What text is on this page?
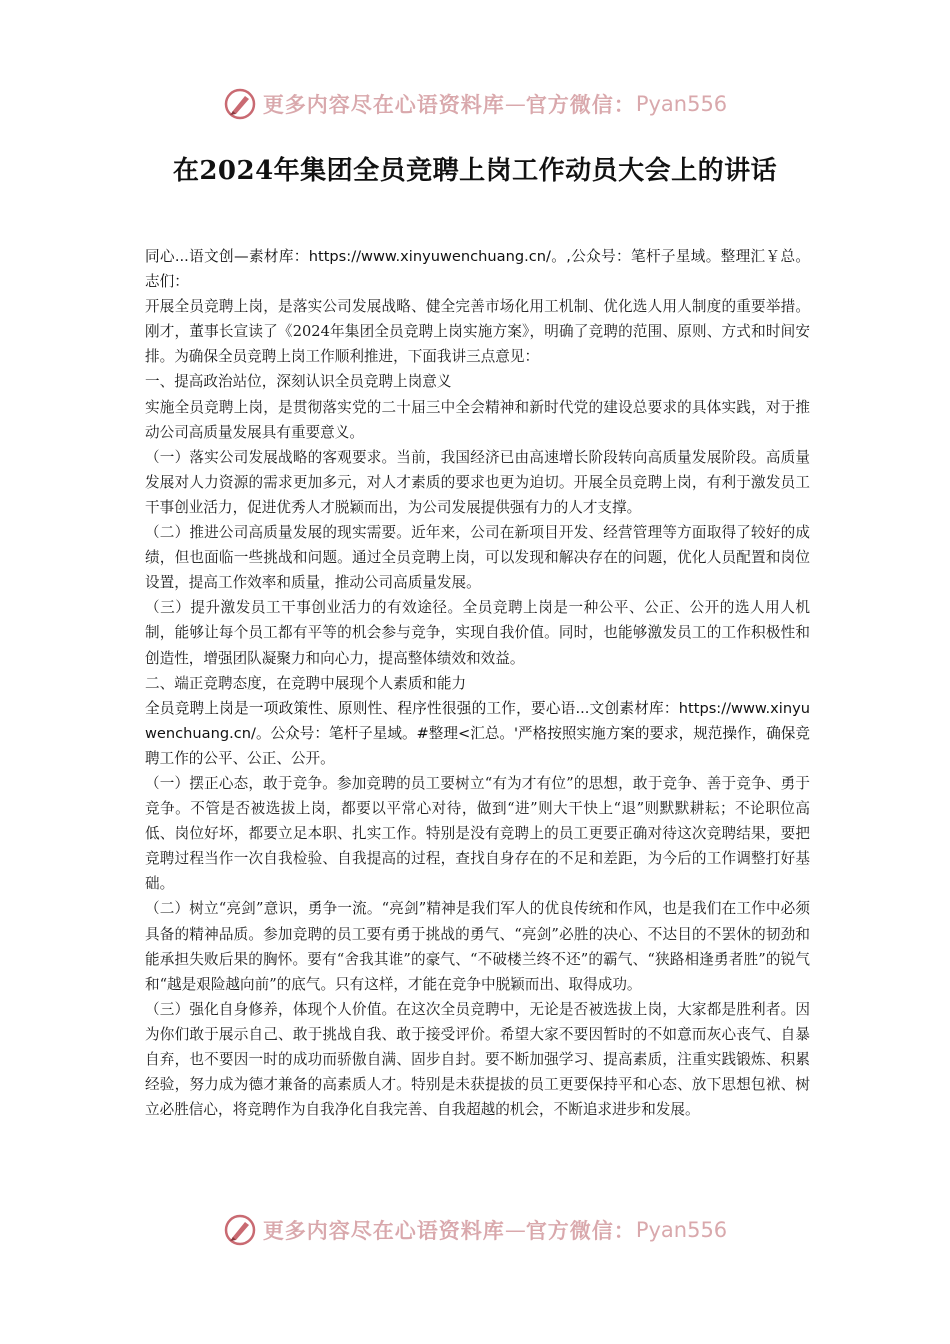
更多内容尽在心语资料库 — 官方微信： Pyan556
在2024年集团全员竞聘上岗工作动员大会上的讲话

同心...语文创—素材库：https://www.xinyuwenchuang.cn/。,公众号：笔杆子星域。整理汇￥总。志们：

开展全员竞聘上岗，是落实公司发展战略、健全完善市场化用工机制、优化选人用人制度的重要举措。刚才，董事长宣读了《2024年集团全员竞聘上岗实施方案》，明确了竞聘的范围、原则、方式和时间安排。为确保全员竞聘上岗工作顺利推进，下面我讲三点意见：

一、提高政治站位，深刻认识全员竞聘上岗意义

实施全员竞聘上岗，是贯彻落实党的二十届三中全会精神和新时代党的建设总要求的具体实践，对于推动公司高质量发展具有重要意义。

（一）落实公司发展战略的客观要求。当前，我国经济已由高速增长阶段转向高质量发展阶段。高质量发展对人力资源的需求更加多元，对人才素质的要求也更为迫切。开展全员竞聘上岗，有利于激发员工干事创业活力，促进优秀人才脱颖而出，为公司发展提供强有力的人才支撑。

（二）推进公司高质量发展的现实需要。近年来，公司在新项目开发、经营管理等方面取得了较好的成绩，但也面临一些挑战和问题。通过全员竞聘上岗，可以发现和解决存在的问题，优化人员配置和岗位设置，提高工作效率和质量，推动公司高质量发展。

（三）提升激发员工干事创业活力的有效途径。全员竞聘上岗是一种公平、公正、公开的选人用人机制，能够让每个员工都有平等的机会参与竞争，实现自我价值。同时，也能够激发员工的工作积极性和创造性，增强团队凝聚力和向心力，提高整体绩效和效益。

二、端正竞聘态度，在竞聘中展现个人素质和能力

全员竞聘上岗是一项政策性、原则性、程序性很强的工作，要心语...文创素材库：https://www.xinyuwenchuang.cn/。公众号：笔杆子星域。#整理<汇总。'严格按照实施方案的要求，规范操作，确保竞聘工作的公平、公正、公开。

（一）摆正心态，敢于竞争。参加竞聘的员工要树立“有为才有位”的思想，敢于竞争、善于竞争、勇于竞争。不管是否被选拔上岗，都要以平常心对待，做到“进”则大干快上“退”则默默耕耘；不论职位高低、岗位好坏，都要立足本职、扎实工作。特别是没有竞聘上的员工更要正确对待这次竞聘结果，要把竞聘过程当作一次自我检验、自我提高的过程，查找自身存在的不足和差距，为今后的工作调整打好基础。

（二）树立“亮剑”意识，勇争一流。“亮剑”精神是我们军人的优良传统和作风，也是我们在工作中必须具备的精神品质。参加竞聘的员工要有勇于挑战的勇气、“亮剑”必胜的决心、不达目的不罢休的韧劲和能承担失败后果的胸怀。要有“舍我其谁”的豪气、“不破楼兰终不还”的霸气、“狭路相逢勇者胜”的锐气和“越是艰险越向前”的底气。只有这样，才能在竞争中脱颖而出、取得成功。

（三）强化自身修养，体现个人价值。在这次全员竞聘中，无论是否被选拔上岗，大家都是胜利者。因为你们敢于展示自己、敢于挑战自我、敢于接受评价。希望大家不要因暂时的不如意而灰心丧气、自暴自弃，也不要因一时的成功而骄傲自满、固步自封。要不断加强学习、提高素质，注重实践锻炼、积累经验，努力成为德才兼备的高素质人才。特别是未获提拔的员工更要保持平和心态、放下思想包袱、树立必胜信心，将竞聘作为自我净化自我完善、自我超越的机会，不断追求进步和发展。

更多内容尽在心语资料库 — 官方微信： Pyan556
